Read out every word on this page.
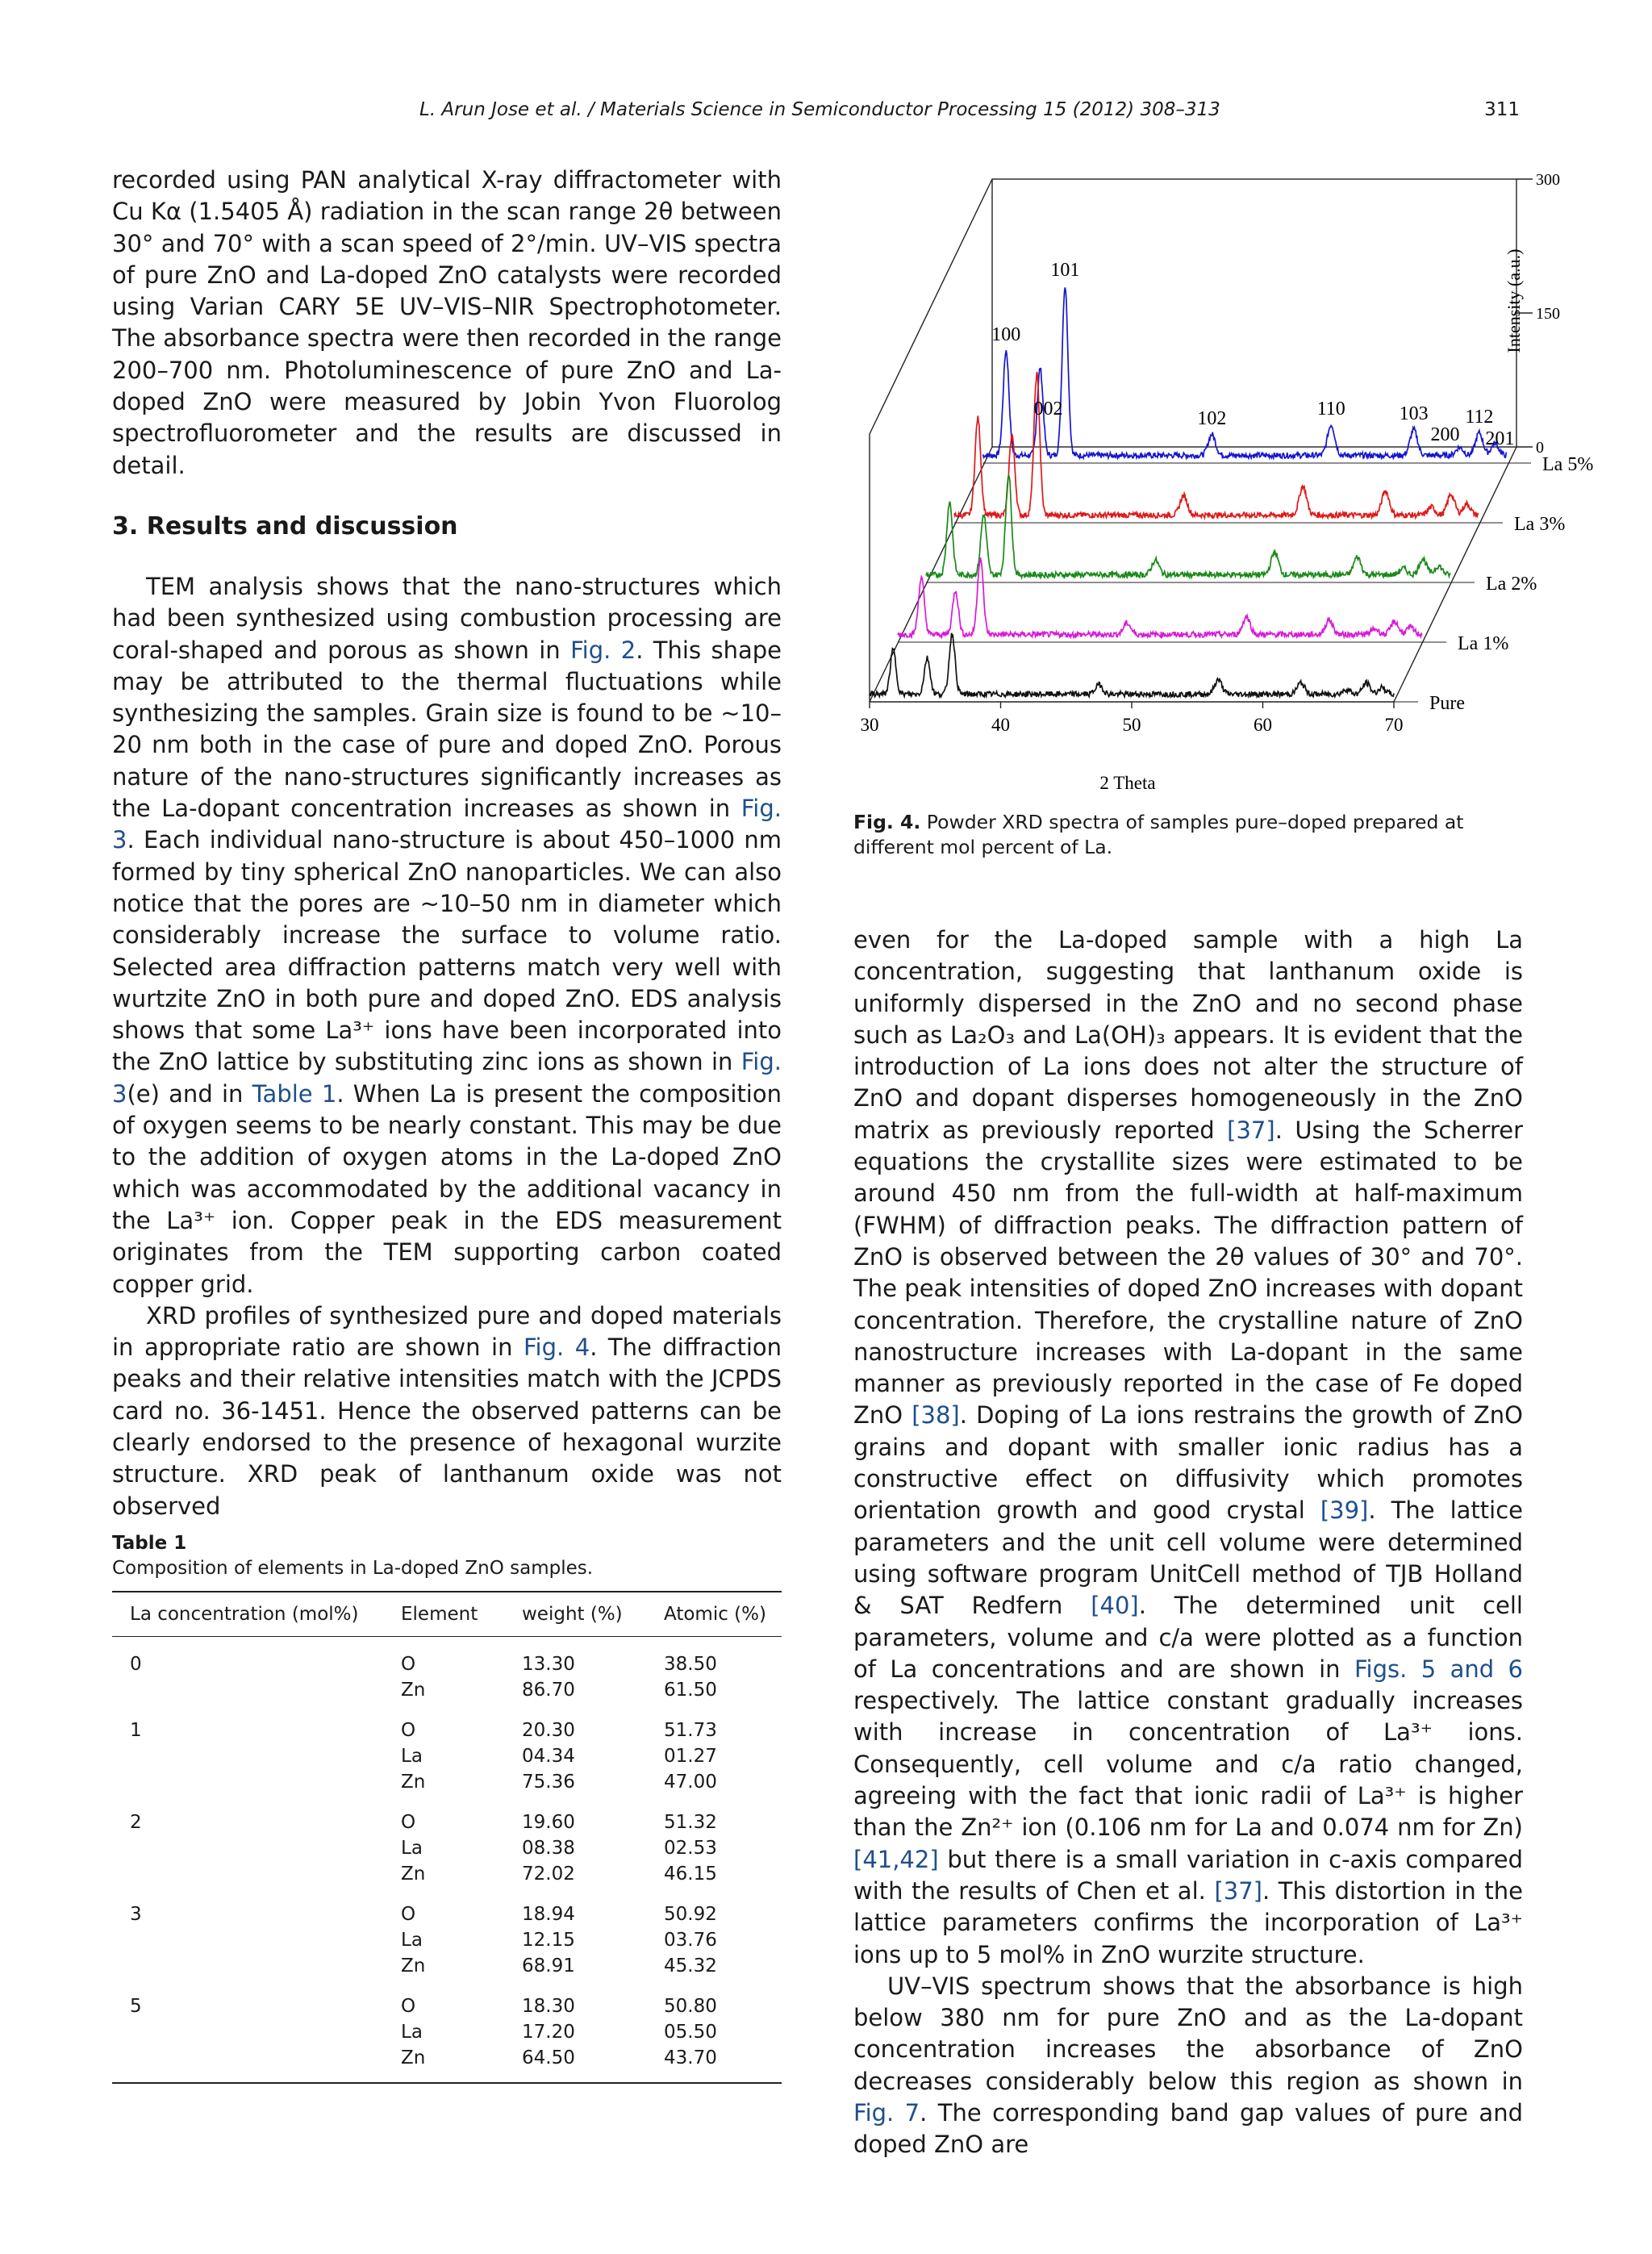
L. Arun Jose et al. / Materials Science in Semiconductor Processing 15 (2012) 308–313	311

recorded using PAN analytical X-ray diffractometer with Cu Kα (1.5405 Å) radiation in the scan range 2θ between 30° and 70° with a scan speed of 2°/min. UV–VIS spectra of pure ZnO and La-doped ZnO catalysts were recorded using Varian CARY 5E UV–VIS–NIR Spectrophotometer. The absorbance spectra were then recorded in the range 200–700 nm. Photoluminescence of pure ZnO and La-doped ZnO were measured by Jobin Yvon Fluorolog spectrofluorometer and the results are discussed in detail.

3. Results and discussion

TEM analysis shows that the nano-structures which had been synthesized using combustion processing are coral-shaped and porous as shown in Fig. 2. This shape may be attributed to the thermal fluctuations while synthesizing the samples. Grain size is found to be ~10–20 nm both in the case of pure and doped ZnO. Porous nature of the nano-structures significantly increases as the La-dopant concentration increases as shown in Fig. 3. Each individual nano-structure is about 450–1000 nm formed by tiny spherical ZnO nanoparticles. We can also notice that the pores are ~10–50 nm in diameter which considerably increase the surface to volume ratio. Selected area diffraction patterns match very well with wurtzite ZnO in both pure and doped ZnO. EDS analysis shows that some La³⁺ ions have been incorporated into the ZnO lattice by substituting zinc ions as shown in Fig. 3(e) and in Table 1. When La is present the composition of oxygen seems to be nearly constant. This may be due to the addition of oxygen atoms in the La-doped ZnO which was accommodated by the additional vacancy in the La³⁺ ion. Copper peak in the EDS measurement originates from the TEM supporting carbon coated copper grid.

XRD profiles of synthesized pure and doped materials in appropriate ratio are shown in Fig. 4. The diffraction peaks and their relative intensities match with the JCPDS card no. 36-1451. Hence the observed patterns can be clearly endorsed to the presence of hexagonal wurzite structure. XRD peak of lanthanum oxide was not observed

300
150
0
30	40	50	60	70
La 5%
La 3%
La 2%
La 1%
Pure
100
002
101
102	110	103
200
112
201
2 Theta
Intensity (a.u.)
Fig. 4. Powder XRD spectra of samples pure–doped prepared at different mol percent of La.

even for the La-doped sample with a high La concentration, suggesting that lanthanum oxide is uniformly dispersed in the ZnO and no second phase such as La₂O₃ and La(OH)₃ appears. It is evident that the introduction of La ions does not alter the structure of ZnO and dopant disperses homogeneously in the ZnO matrix as previously reported [37]. Using the Scherrer equations the crystallite sizes were estimated to be around 450 nm from the full-width at half-maximum (FWHM) of diffraction peaks. The diffraction pattern of ZnO is observed between the 2θ values of 30° and 70°. The peak intensities of doped ZnO increases with dopant concentration. Therefore, the crystalline nature of ZnO nanostructure increases with La-dopant in the same manner as previously reported in the case of Fe doped ZnO [38]. Doping of La ions restrains the growth of ZnO grains and dopant with smaller ionic radius has a constructive effect on diffusivity which promotes orientation growth and good crystal [39]. The lattice parameters and the unit cell volume were determined using software program UnitCell method of TJB Holland & SAT Redfern [40]. The determined unit cell parameters, volume and c/a were plotted as a function of La concentrations and are shown in Figs. 5 and 6 respectively. The lattice constant gradually increases with increase in concentration of La³⁺ ions. Consequently, cell volume and c/a ratio changed, agreeing with the fact that ionic radii of La³⁺ is higher than the Zn²⁺ ion (0.106 nm for La and 0.074 nm for Zn) [41,42] but there is a small variation in c-axis compared with the results of Chen et al. [37]. This distortion in the lattice parameters confirms the incorporation of La³⁺ ions up to 5 mol% in ZnO wurzite structure.

UV–VIS spectrum shows that the absorbance is high below 380 nm for pure ZnO and as the La-dopant concentration increases the absorbance of ZnO decreases considerably below this region as shown in Fig. 7. The corresponding band gap values of pure and doped ZnO are

Table 1
Composition of elements in La-doped ZnO samples.
La concentration (mol%)	Element	weight (%)	Atomic (%)
0	O	13.30	38.50
	Zn	86.70	61.50
1	O	20.30	51.73
	La	04.34	01.27
	Zn	75.36	47.00
2	O	19.60	51.32
	La	08.38	02.53
	Zn	72.02	46.15
3	O	18.94	50.92
	La	12.15	03.76
	Zn	68.91	45.32
5	O	18.30	50.80
	La	17.20	05.50
	Zn	64.50	43.70
